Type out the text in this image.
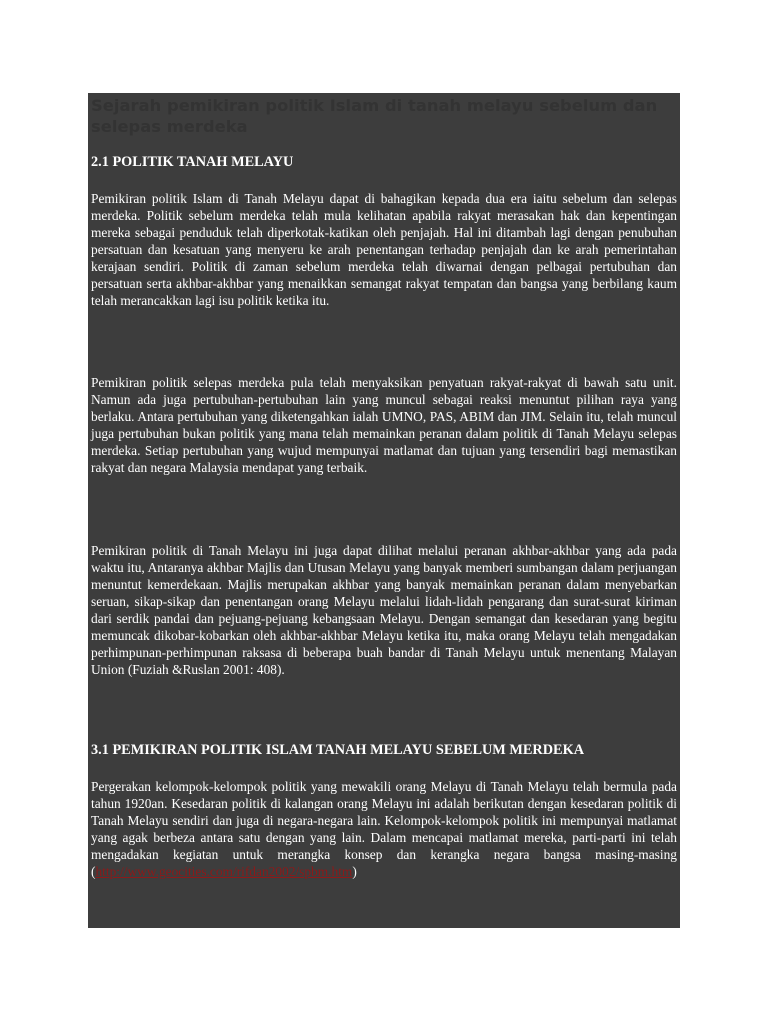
Sejarah pemikiran politik Islam di tanah melayu sebelum dan selepas merdeka
2.1 POLITIK TANAH MELAYU

Pemikiran politik Islam di Tanah Melayu dapat di bahagikan kepada dua era iaitu sebelum dan selepas merdeka. Politik sebelum merdeka telah mula kelihatan apabila rakyat merasakan hak dan kepentingan mereka sebagai penduduk telah diperkotak-katikan oleh penjajah. Hal ini ditambah lagi dengan penubuhan persatuan dan kesatuan yang menyeru ke arah penentangan terhadap penjajah dan ke arah pemerintahan kerajaan sendiri. Politik di zaman sebelum merdeka telah diwarnai dengan pelbagai pertubuhan dan persatuan serta akhbar-akhbar yang menaikkan semangat rakyat tempatan dan bangsa yang berbilang kaum telah merancakkan lagi isu politik ketika itu.

Pemikiran politik selepas merdeka pula telah menyaksikan penyatuan rakyat-rakyat di bawah satu unit. Namun ada juga pertubuhan-pertubuhan lain yang muncul sebagai reaksi menuntut pilihan raya yang berlaku. Antara pertubuhan yang diketengahkan ialah UMNO, PAS, ABIM dan JIM. Selain itu, telah muncul juga pertubuhan bukan politik yang mana telah memainkan peranan dalam politik di Tanah Melayu selepas merdeka. Setiap pertubuhan yang wujud mempunyai matlamat dan tujuan yang tersendiri bagi memastikan rakyat dan negara Malaysia mendapat yang terbaik.

Pemikiran politik di Tanah Melayu ini juga dapat dilihat melalui peranan akhbar-akhbar yang ada pada waktu itu, Antaranya akhbar Majlis dan Utusan Melayu yang banyak memberi sumbangan dalam perjuangan menuntut kemerdekaan. Majlis merupakan akhbar yang banyak memainkan peranan dalam menyebarkan seruan, sikap-sikap dan penentangan orang Melayu melalui lidah-lidah pengarang dan surat-surat kiriman dari serdik pandai dan pejuang-pejuang kebangsaan Melayu. Dengan semangat dan kesedaran yang begitu memuncak dikobar-kobarkan oleh akhbar-akhbar Melayu ketika itu, maka orang Melayu telah mengadakan perhimpunan-perhimpunan raksasa di beberapa buah bandar di Tanah Melayu untuk menentang Malayan Union (Fuziah &Ruslan 2001: 408).

3.1 PEMIKIRAN POLITIK ISLAM TANAH MELAYU SEBELUM MERDEKA

Pergerakan kelompok-kelompok politik yang mewakili orang Melayu di Tanah Melayu telah bermula pada tahun 1920an. Kesedaran politik di kalangan orang Melayu ini adalah berikutan dengan kesedaran politik di Tanah Melayu sendiri dan juga di negara-negara lain. Kelompok-kelompok politik ini mempunyai matlamat yang agak berbeza antara satu dengan yang lain. Dalam mencapai matlamat mereka, parti-parti ini telah mengadakan kegiatan untuk merangka konsep dan kerangka negara bangsa masing-masing (http://www.geocities.com/rifdan2002/spbm.htm)
